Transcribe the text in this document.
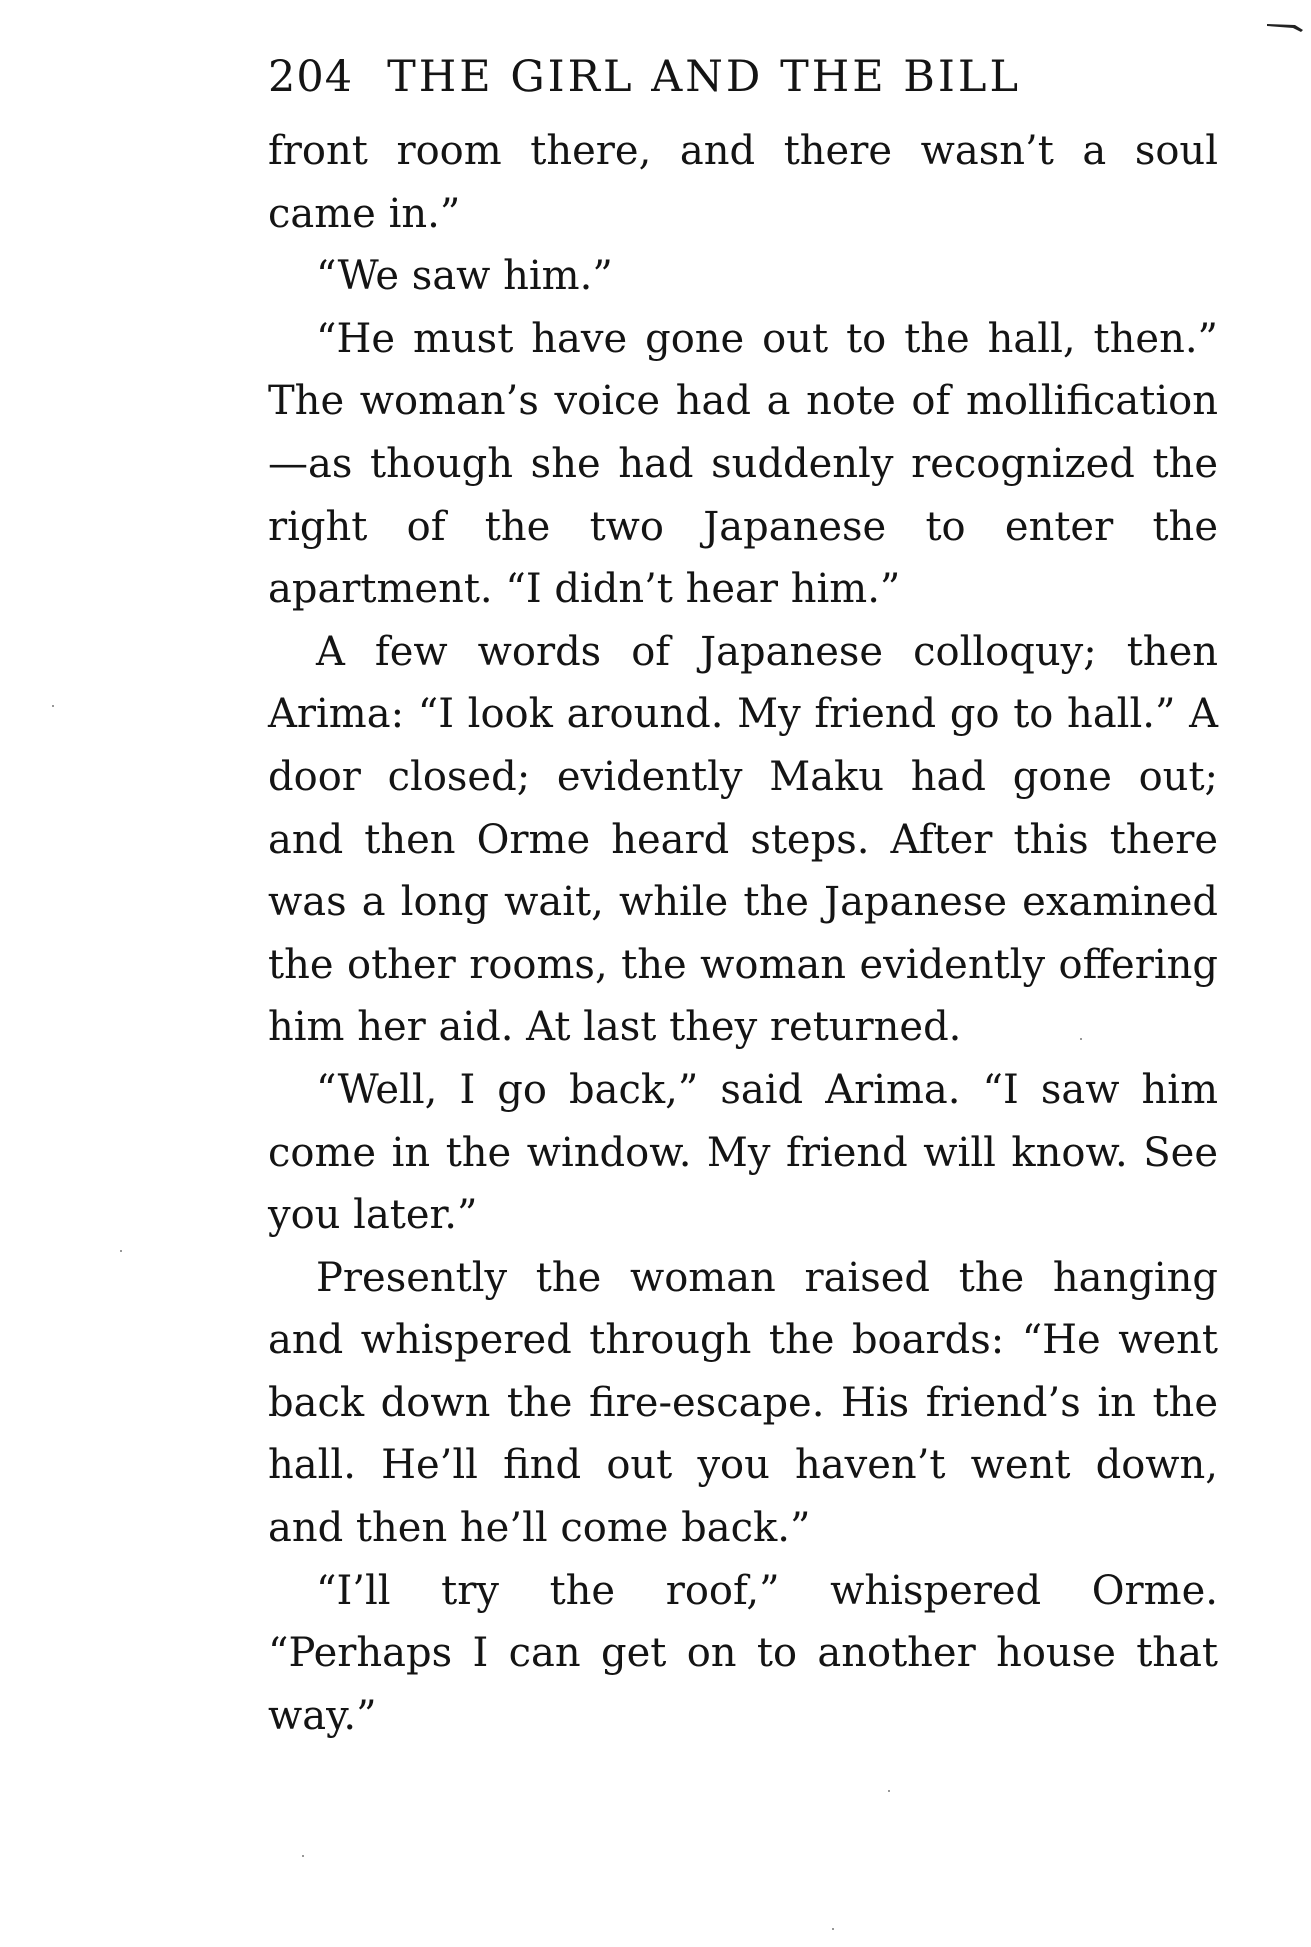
204 THE GIRL AND THE BILL

front room there, and there wasn’t a soul came in.”

“We saw him.”

“He must have gone out to the hall, then.” The woman’s voice had a note of mollification—as though she had suddenly recognized the right of the two Japanese to enter the apartment. “I didn’t hear him.”

A few words of Japanese colloquy; then Arima: “I look around. My friend go to hall.” A door closed; evidently Maku had gone out; and then Orme heard steps. After this there was a long wait, while the Japanese examined the other rooms, the woman evidently offering him her aid. At last they returned.

“Well, I go back,” said Arima. “I saw him come in the window. My friend will know. See you later.”

Presently the woman raised the hanging and whispered through the boards: “He went back down the fire-escape. His friend’s in the hall. He’ll find out you haven’t went down, and then he’ll come back.”

“I’ll try the roof,” whispered Orme. “Perhaps I can get on to another house that way.”
